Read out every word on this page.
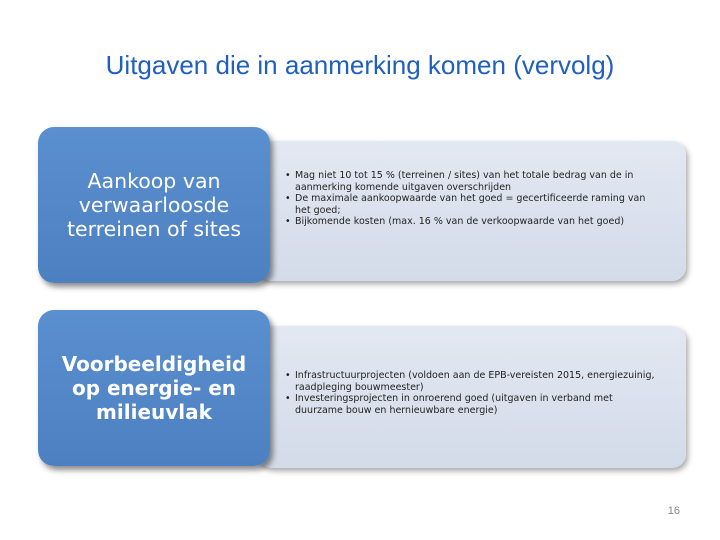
Uitgaven die in aanmerking komen (vervolg)
Aankoop van verwaarloosde terreinen of sites
Voorbeeldigheid op energie- en milieuvlak
• Mag niet 10 tot 15 % (terreinen / sites) van het totale bedrag van de in aanmerking komende uitgaven overschrijden
• De maximale aankoopwaarde van het goed = gecertificeerde raming van het goed;
• Bijkomende kosten (max. 16 % van de verkoopwaarde van het goed)
• Infrastructuurprojecten (voldoen aan de EPB-vereisten 2015, energiezuinig, raadpleging bouwmeester)
• Investeringsprojecten in onroerend goed (uitgaven in verband met duurzame bouw en hernieuwbare energie)
16
